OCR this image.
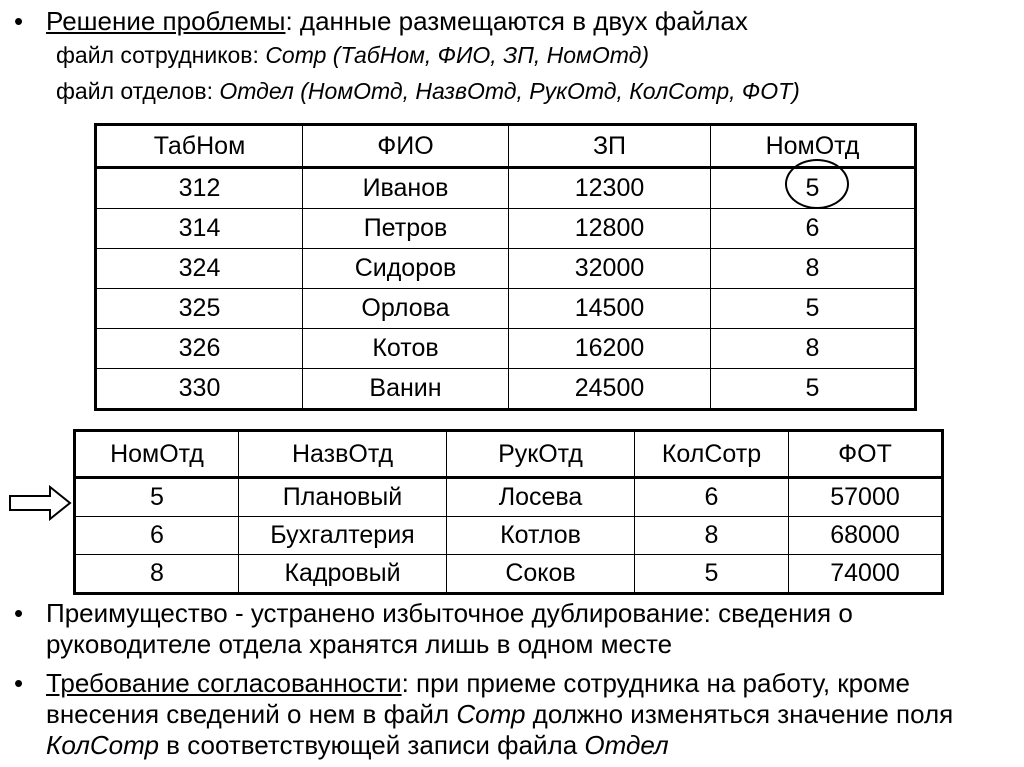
• Решение проблемы: данные размещаются в двух файлах
файл сотрудников: Сотр (ТабНом, ФИО, ЗП, НомОтд)
файл отделов: Отдел (НомОтд, НазвОтд, РукОтд, КолСотр, ФОТ)
ТабНом	ФИО	ЗП	НомОтд
312	Иванов	12300	5
314	Петров	12800	6
324	Сидоров	32000	8
325	Орлова	14500	5
326	Котов	16200	8
330	Ванин	24500	5
НомОтд	НазвОтд	РукОтд	КолСотр	ФОТ
5	Плановый	Лосева	6	57000
6	Бухгалтерия	Котлов	8	68000
8	Кадровый	Соков	5	74000
• Преимущество - устранено избыточное дублирование: сведения о руководителе отдела хранятся лишь в одном месте
• Требование согласованности: при приеме сотрудника на работу, кроме внесения сведений о нем в файл Сотр должно изменяться значение поля КолСотр в соответствующей записи файла Отдел
